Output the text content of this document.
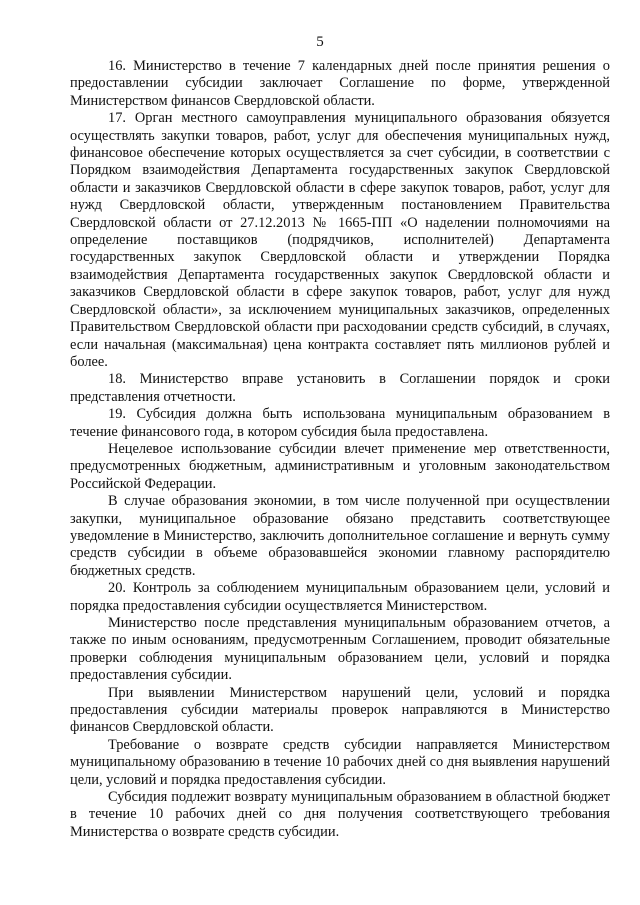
5

16. Министерство в течение 7 календарных дней после принятия решения о предоставлении субсидии заключает Соглашение по форме, утвержденной Министерством финансов Свердловской области.

17. Орган местного самоуправления муниципального образования обязуется осуществлять закупки товаров, работ, услуг для обеспечения муниципальных нужд, финансовое обеспечение которых осуществляется за счет субсидии, в соответствии с Порядком взаимодействия Департамента государственных закупок Свердловской области и заказчиков Свердловской области в сфере закупок товаров, работ, услуг для нужд Свердловской области, утвержденным постановлением Правительства Свердловской области от 27.12.2013 № 1665-ПП «О наделении полномочиями на определение поставщиков (подрядчиков, исполнителей) Департамента государственных закупок Свердловской области и утверждении Порядка взаимодействия Департамента государственных закупок Свердловской области и заказчиков Свердловской области в сфере закупок товаров, работ, услуг для нужд Свердловской области», за исключением муниципальных заказчиков, определенных Правительством Свердловской области при расходовании средств субсидий, в случаях, если начальная (максимальная) цена контракта составляет пять миллионов рублей и более.

18. Министерство вправе установить в Соглашении порядок и сроки представления отчетности.

19. Субсидия должна быть использована муниципальным образованием в течение финансового года, в котором субсидия была предоставлена.

Нецелевое использование субсидии влечет применение мер ответственности, предусмотренных бюджетным, административным и уголовным законодательством Российской Федерации.

В случае образования экономии, в том числе полученной при осуществлении закупки, муниципальное образование обязано представить соответствующее уведомление в Министерство, заключить дополнительное соглашение и вернуть сумму средств субсидии в объеме образовавшейся экономии главному распорядителю бюджетных средств.

20. Контроль за соблюдением муниципальным образованием цели, условий и порядка предоставления субсидии осуществляется Министерством.

Министерство после представления муниципальным образованием отчетов, а также по иным основаниям, предусмотренным Соглашением, проводит обязательные проверки соблюдения муниципальным образованием цели, условий и порядка предоставления субсидии.

При выявлении Министерством нарушений цели, условий и порядка предоставления субсидии материалы проверок направляются в Министерство финансов Свердловской области.

Требование о возврате средств субсидии направляется Министерством муниципальному образованию в течение 10 рабочих дней со дня выявления нарушений цели, условий и порядка предоставления субсидии.

Субсидия подлежит возврату муниципальным образованием в областной бюджет в течение 10 рабочих дней со дня получения соответствующего требования Министерства о возврате средств субсидии.
